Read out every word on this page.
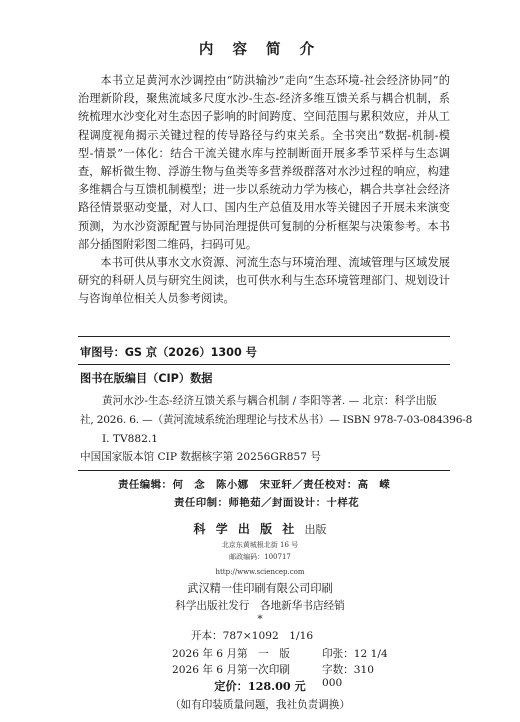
内 容 简 介

本书立足黄河水沙调控由“防洪输沙”走向“生态环境-社会经济协同”的治理新阶段，聚焦流域多尺度水沙-生态-经济多维互馈关系与耦合机制，系统梳理水沙变化对生态因子影响的时间跨度、空间范围与累积效应，并从工程调度视角揭示关键过程的传导路径与约束关系。全书突出“数据-机制-模型-情景”一体化：结合干流关键水库与控制断面开展多季节采样与生态调查，解析微生物、浮游生物与鱼类等多营养级群落对水沙过程的响应，构建多维耦合与互馈机制模型；进一步以系统动力学为核心，耦合共享社会经济路径情景驱动变量，对人口、国内生产总值及用水等关键因子开展未来演变预测，为水沙资源配置与协同治理提供可复制的分析框架与决策参考。本书部分插图附彩图二维码，扫码可见。

本书可供从事水文水资源、河流生态与环境治理、流域管理与区域发展研究的科研人员与研究生阅读，也可供水利与生态环境管理部门、规划设计与咨询单位相关人员参考阅读。

审图号：GS 京（2026）1300 号
图书在版编目（CIP）数据
黄河水沙-生态-经济互馈关系与耦合机制 / 李阳等著. — 北京：科学出版
社, 2026. 6. —（黄河流域系统治理理论与技术丛书）— ISBN 978-7-03-084396-8
Ⅰ. TV882.1
中国国家版本馆 CIP 数据核字第 20256GR857 号
责任编辑：何　念　陈小娜　宋亚轩／责任校对：高　嵘
责任印制：师艳茹／封面设计：十样花
科 学 出 版 社 出版
北京东黄城根北街 16 号
邮政编码：100717
http://www.sciencep.com
武汉精一佳印刷有限公司印刷
科学出版社发行　各地新华书店经销
*
开本：787×1092　1/16
2026 年 6 月第　一　版	印张：12 1/4
2026 年 6 月第一次印刷	字数：310 000
定价：128.00 元
（如有印装质量问题，我社负责调换）
